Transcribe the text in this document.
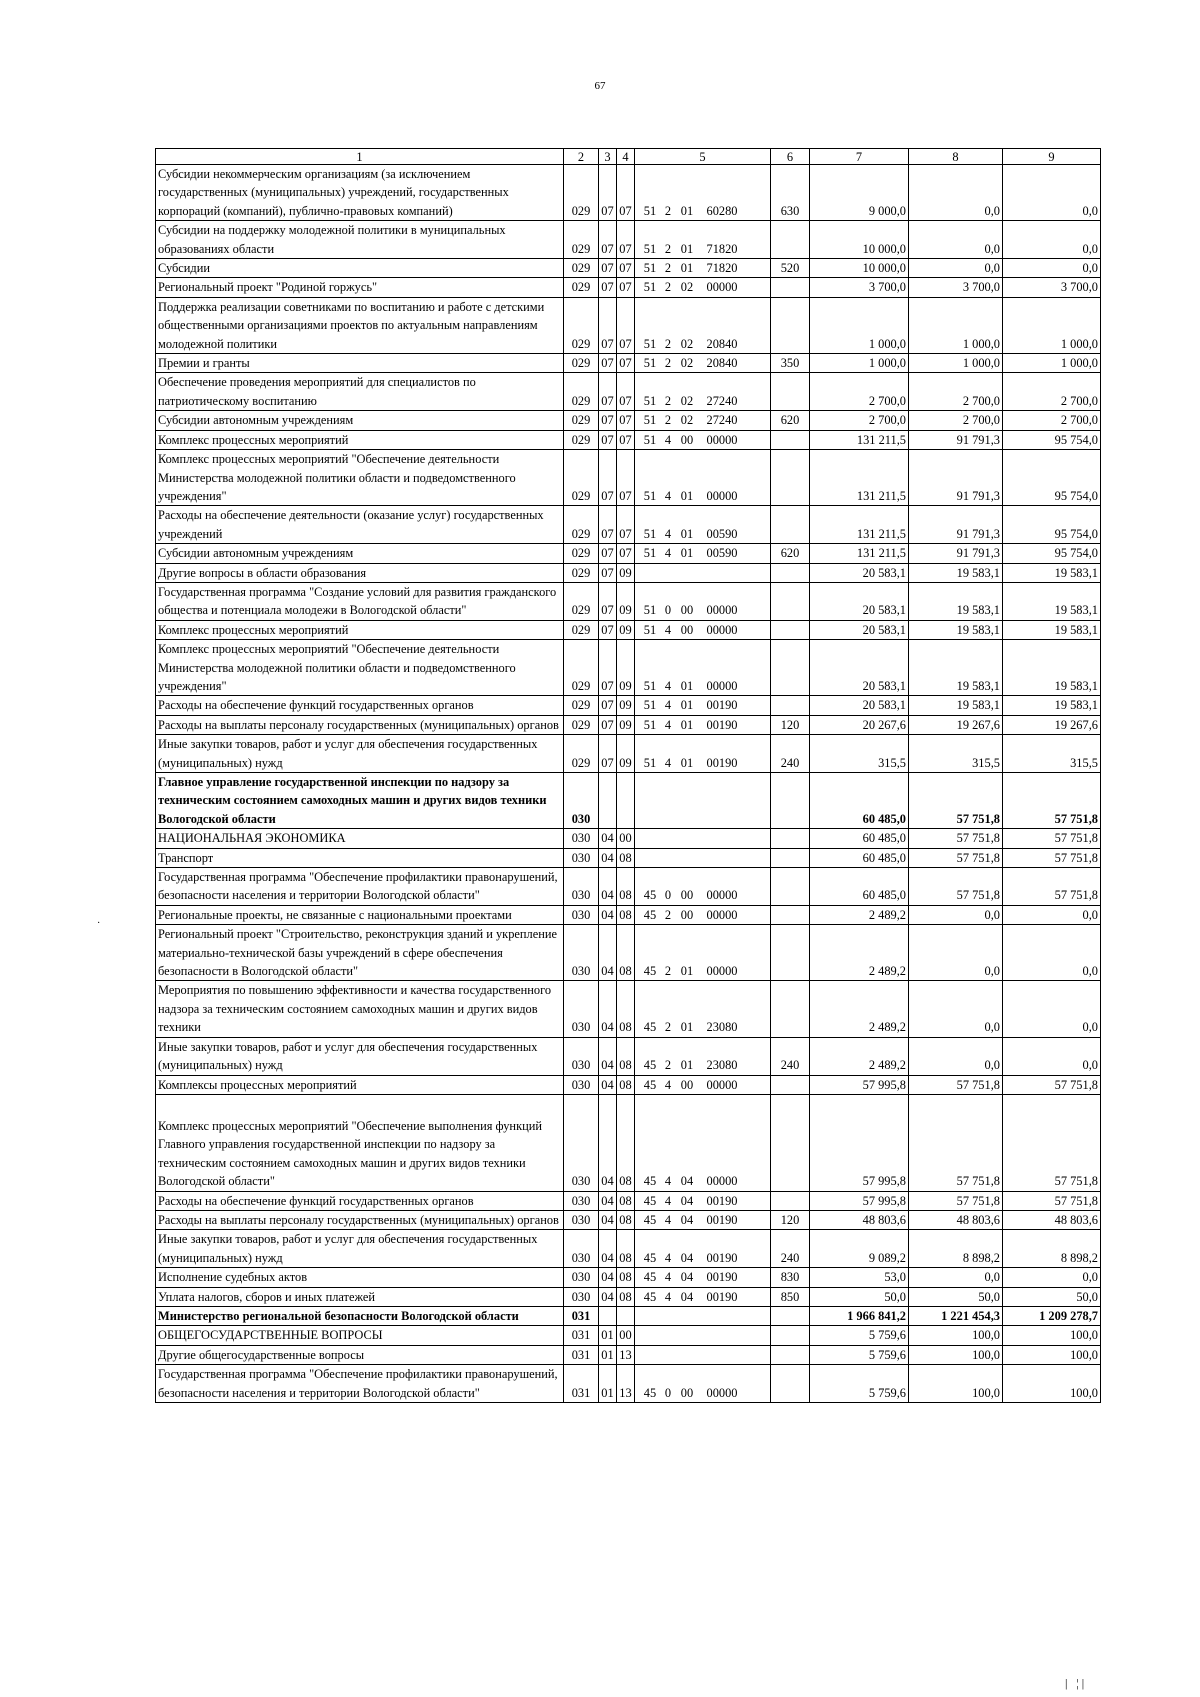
67
·
1	2	3	4	5	6	7	8	9
Субсидии некоммерческим организациям (за исключением государственных (муниципальных) учреждений, государственных корпораций (компаний), публично-правовых компаний)	029	07	07	51 2 01 60280	630	9 000,0	0,0	0,0
Субсидии на поддержку молодежной политики в муниципальных образованиях области	029	07	07	51 2 01 71820		10 000,0	0,0	0,0
Субсидии	029	07	07	51 2 01 71820	520	10 000,0	0,0	0,0
Региональный проект "Родиной горжусь"	029	07	07	51 2 02 00000		3 700,0	3 700,0	3 700,0
Поддержка реализации советниками по воспитанию и работе с детскими общественными организациями проектов по актуальным направлениям молодежной политики	029	07	07	51 2 02 20840		1 000,0	1 000,0	1 000,0
Премии и гранты	029	07	07	51 2 02 20840	350	1 000,0	1 000,0	1 000,0
Обеспечение проведения мероприятий для специалистов по патриотическому воспитанию	029	07	07	51 2 02 27240		2 700,0	2 700,0	2 700,0
Субсидии автономным учреждениям	029	07	07	51 2 02 27240	620	2 700,0	2 700,0	2 700,0
Комплекс процессных мероприятий	029	07	07	51 4 00 00000		131 211,5	91 791,3	95 754,0
Комплекс процессных мероприятий "Обеспечение деятельности Министерства молодежной политики области и подведомственного учреждения"	029	07	07	51 4 01 00000		131 211,5	91 791,3	95 754,0
Расходы на обеспечение деятельности (оказание услуг) государственных учреждений	029	07	07	51 4 01 00590		131 211,5	91 791,3	95 754,0
Субсидии автономным учреждениям	029	07	07	51 4 01 00590	620	131 211,5	91 791,3	95 754,0
Другие вопросы в области образования	029	07	09			20 583,1	19 583,1	19 583,1
Государственная программа "Создание условий для развития гражданского общества и потенциала молодежи в Вологодской области"	029	07	09	51 0 00 00000		20 583,1	19 583,1	19 583,1
Комплекс процессных мероприятий	029	07	09	51 4 00 00000		20 583,1	19 583,1	19 583,1
Комплекс процессных мероприятий "Обеспечение деятельности Министерства молодежной политики области и подведомственного учреждения"	029	07	09	51 4 01 00000		20 583,1	19 583,1	19 583,1
Расходы на обеспечение функций государственных органов	029	07	09	51 4 01 00190		20 583,1	19 583,1	19 583,1
Расходы на выплаты персоналу государственных (муниципальных) органов	029	07	09	51 4 01 00190	120	20 267,6	19 267,6	19 267,6
Иные закупки товаров, работ и услуг для обеспечения государственных (муниципальных) нужд	029	07	09	51 4 01 00190	240	315,5	315,5	315,5
Главное управление государственной инспекции по надзору за техническим состоянием самоходных машин и других видов техники Вологодской области	030					60 485,0	57 751,8	57 751,8
НАЦИОНАЛЬНАЯ ЭКОНОМИКА	030	04	00			60 485,0	57 751,8	57 751,8
Транспорт	030	04	08			60 485,0	57 751,8	57 751,8
Государственная программа "Обеспечение профилактики правонарушений, безопасности населения и территории Вологодской области"	030	04	08	45 0 00 00000		60 485,0	57 751,8	57 751,8
Региональные проекты, не связанные с национальными проектами	030	04	08	45 2 00 00000		2 489,2	0,0	0,0
Региональный проект "Строительство, реконструкция зданий и укрепление материально-технической базы учреждений в сфере обеспечения безопасности в Вологодской области"	030	04	08	45 2 01 00000		2 489,2	0,0	0,0
Мероприятия по повышению эффективности и качества государственного надзора за техническим состоянием самоходных машин и других видов техники	030	04	08	45 2 01 23080		2 489,2	0,0	0,0
Иные закупки товаров, работ и услуг для обеспечения государственных (муниципальных) нужд	030	04	08	45 2 01 23080	240	2 489,2	0,0	0,0
Комплексы процессных мероприятий	030	04	08	45 4 00 00000		57 995,8	57 751,8	57 751,8
Комплекс процессных мероприятий "Обеспечение выполнения функций Главного управления государственной инспекции по надзору за техническим состоянием самоходных машин и других видов техники Вологодской области"	030	04	08	45 4 04 00000		57 995,8	57 751,8	57 751,8
Расходы на обеспечение функций государственных органов	030	04	08	45 4 04 00190		57 995,8	57 751,8	57 751,8
Расходы на выплаты персоналу государственных (муниципальных) органов	030	04	08	45 4 04 00190	120	48 803,6	48 803,6	48 803,6
Иные закупки товаров, работ и услуг для обеспечения государственных (муниципальных) нужд	030	04	08	45 4 04 00190	240	9 089,2	8 898,2	8 898,2
Исполнение судебных актов	030	04	08	45 4 04 00190	830	53,0	0,0	0,0
Уплата налогов, сборов и иных платежей	030	04	08	45 4 04 00190	850	50,0	50,0	50,0
Министерство региональной безопасности Вологодской области	031					1 966 841,2	1 221 454,3	1 209 278,7
ОБЩЕГОСУДАРСТВЕННЫЕ ВОПРОСЫ	031	01	00			5 759,6	100,0	100,0
Другие общегосударственные вопросы	031	01	13			5 759,6	100,0	100,0
Государственная программа "Обеспечение профилактики правонарушений, безопасности населения и территории Вологодской области"	031	01	13	45 0 00 00000		5 759,6	100,0	100,0
| ¦|
